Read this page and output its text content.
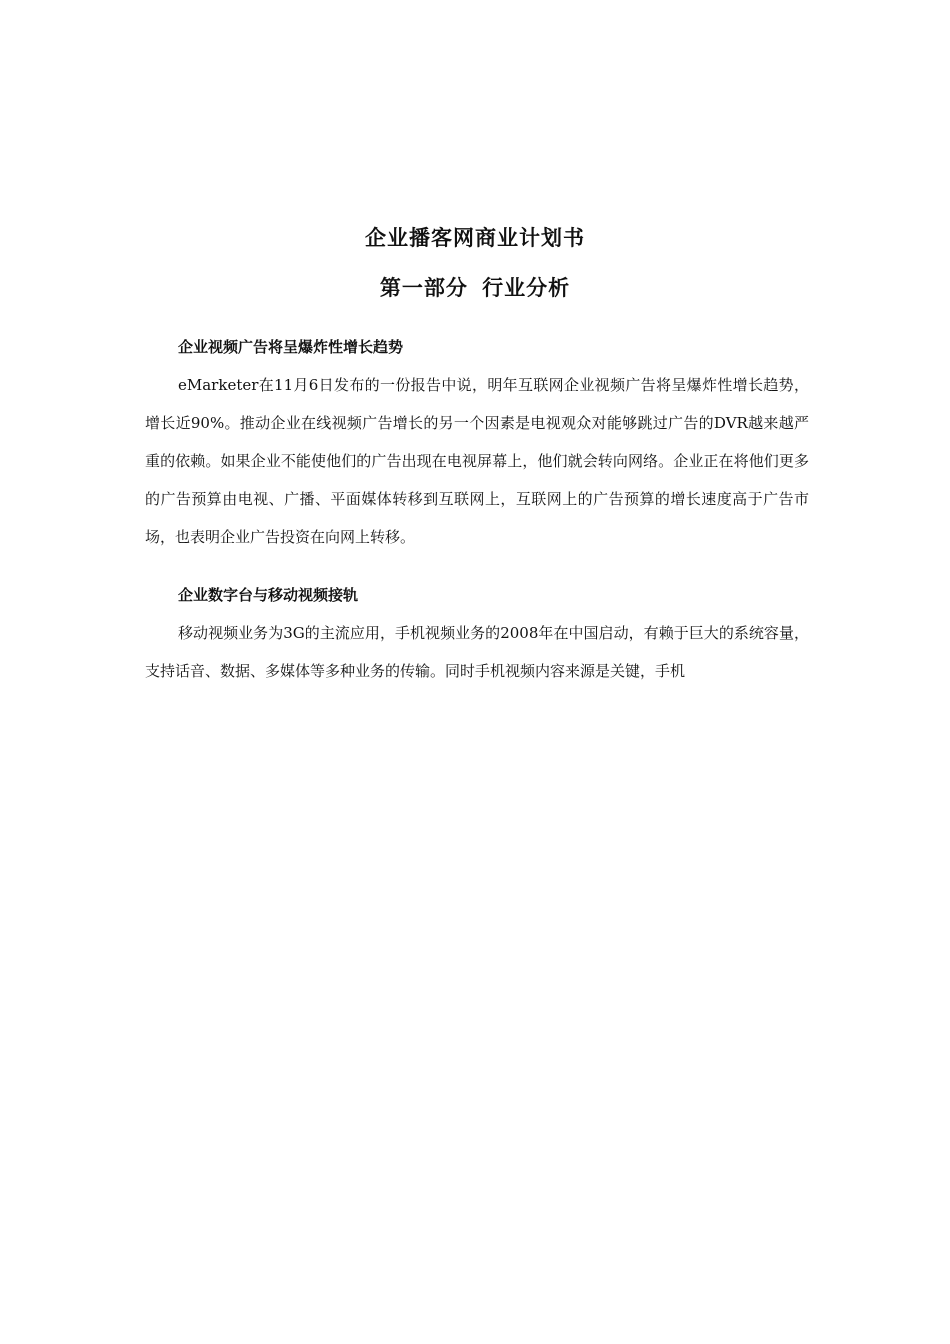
企业播客网商业计划书
第一部分 行业分析
企业视频广告将呈爆炸性增长趋势

eMarketer在11月6日发布的一份报告中说，明年互联网企业视频广告将呈爆炸性增长趋势，增长近90%。推动企业在线视频广告增长的另一个因素是电视观众对能够跳过广告的DVR越来越严重的依赖。如果企业不能使他们的广告出现在电视屏幕上，他们就会转向网络。企业正在将他们更多的广告预算由电视、广播、平面媒体转移到互联网上，互联网上的广告预算的增长速度高于广告市场，也表明企业广告投资在向网上转移。

企业数字台与移动视频接轨

移动视频业务为3G的主流应用，手机视频业务的2008年在中国启动，有赖于巨大的系统容量，支持话音、数据、多媒体等多种业务的传输。同时手机视频内容来源是关键，手机
